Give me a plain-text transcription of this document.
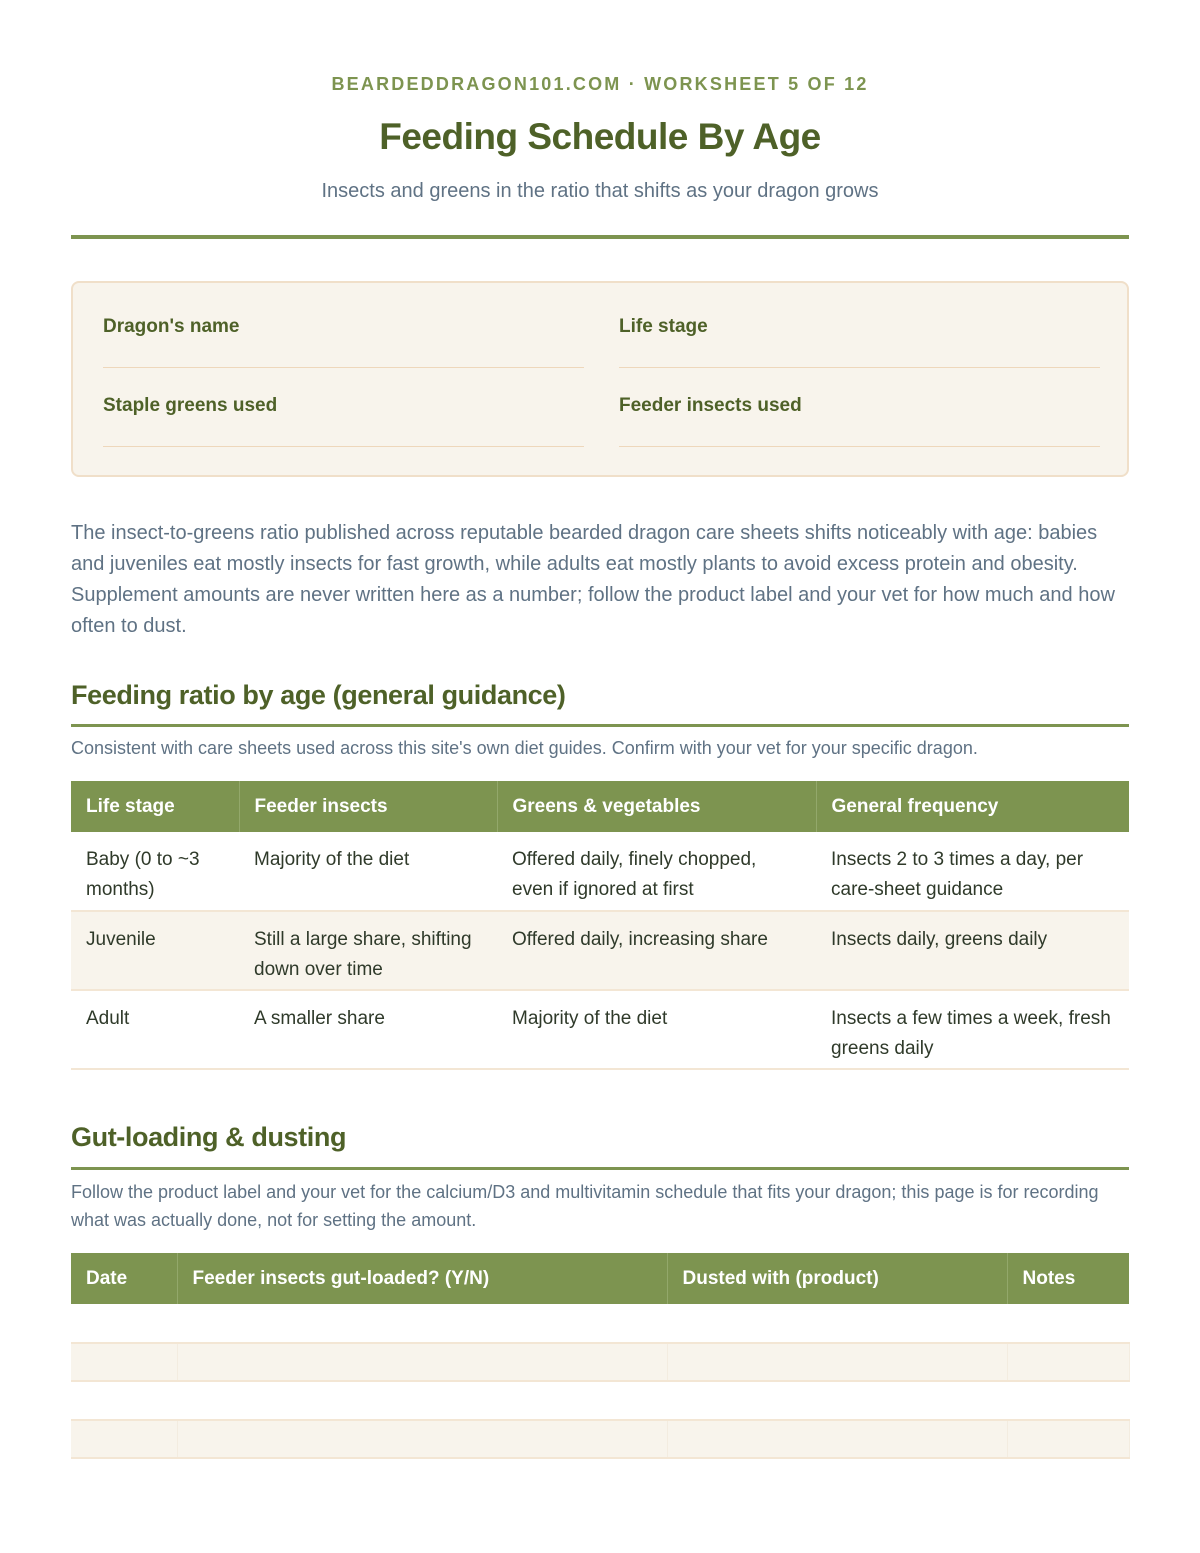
BEARDEDDRAGON101.COM · WORKSHEET 5 OF 12
Feeding Schedule By Age
Insects and greens in the ratio that shifts as your dragon grows
Dragon's name	Life stage
Staple greens used	Feeder insects used

The insect-to-greens ratio published across reputable bearded dragon care sheets shifts noticeably with age: babies and juveniles eat mostly insects for fast growth, while adults eat mostly plants to avoid excess protein and obesity. Supplement amounts are never written here as a number; follow the product label and your vet for how much and how often to dust.

Feeding ratio by age (general guidance)

Consistent with care sheets used across this site's own diet guides. Confirm with your vet for your specific dragon.

Life stage	Feeder insects	Greens & vegetables	General frequency
Baby (0 to ~3 months)	Majority of the diet	Offered daily, finely chopped, even if ignored at first	Insects 2 to 3 times a day, per care-sheet guidance
Juvenile	Still a large share, shifting down over time	Offered daily, increasing share	Insects daily, greens daily
Adult	A smaller share	Majority of the diet	Insects a few times a week, fresh greens daily
Gut-loading & dusting

Follow the product label and your vet for the calcium/D3 and multivitamin schedule that fits your dragon; this page is for recording what was actually done, not for setting the amount.

Date	Feeder insects gut-loaded? (Y/N)	Dusted with (product)	Notes
